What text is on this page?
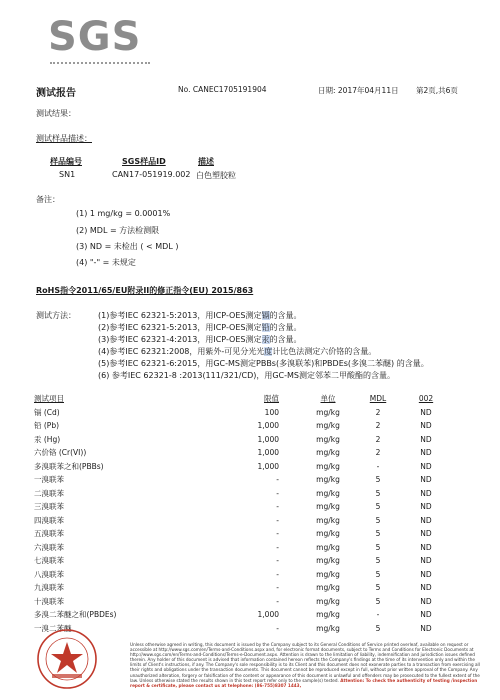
SGS
测试报告	No. CANEC1705191904	日期: 2017年04月11日 第2页,共6页
测试结果：
测试样品描述：
样品编号	SGS样品ID	描述
SN1	CAN17-051919.002 白色塑胶粒
备注：
(1) 1 mg/kg = 0.0001%
(2) MDL = 方法检测限
(3) ND = 未检出 ( < MDL )
(4) "-" = 未规定
RoHS指令2011/65/EU附录II的修正指令(EU) 2015/863
测试方法：	(1)参考IEC 62321-5:2013，用ICP-OES测定镉的含量。
(2)参考IEC 62321-5:2013，用ICP-OES测定铅的含量。
(3)参考IEC 62321-4:2013，用ICP-OES测定汞的含量。
(4)参考IEC 62321:2008，用紫外-可见分光光度计比色法测定六价铬的含量。
(5)参考IEC 62321-6:2015，用GC-MS测定PBBs(多溴联苯)和PBDEs(多溴二苯醚) 的含量。
(6) 参考IEC 62321-8 :2013(111/321/CD)，用GC-MS测定邻苯二甲酸酯的含量。
测试项目	限值	单位	MDL	002
镉 (Cd)	100	mg/kg	2	ND
铅 (Pb)	1,000	mg/kg	2	ND
汞 (Hg)	1,000	mg/kg	2	ND
六价铬 (Cr(VI))	1,000	mg/kg	2	ND
多溴联苯之和(PBBs)	1,000	mg/kg	-	ND
一溴联苯	-	mg/kg	5	ND
二溴联苯	-	mg/kg	5	ND
三溴联苯	-	mg/kg	5	ND
四溴联苯	-	mg/kg	5	ND
五溴联苯	-	mg/kg	5	ND
六溴联苯	-	mg/kg	5	ND
七溴联苯	-	mg/kg	5	ND
八溴联苯	-	mg/kg	5	ND
九溴联苯	-	mg/kg	5	ND
十溴联苯	-	mg/kg	5	ND
多溴二苯醚之和(PBDEs)	1,000	mg/kg	-	ND
一溴二苯醚	-	mg/kg	5	ND
Unless otherwise agreed in writing, this document is issued by the Company subject to its General Conditions of Service printed overleaf, available on request or accessible at http://www.sgs.com/en/Terms-and-Conditions.aspx and, for electronic format documents, subject to Terms and Conditions for Electronic Documents at http://www.sgs.com/en/Terms-and-Conditions/Terms-e-Document.aspx. Attention is drawn to the limitation of liability, indemnification and jurisdiction issues defined therein. Any holder of this document is advised that information contained hereon reflects the Company's findings at the time of its intervention only and within the limits of Client's instructions, if any. The Company's sole responsibility is to its Client and this document does not exonerate parties to a transaction from exercising all their rights and obligations under the transaction documents. This document cannot be reproduced except in full, without prior written approval of the Company. Any unauthorized alteration, forgery or falsification of the content or appearance of this document is unlawful and offenders may be prosecuted to the fullest extent of the law. Unless otherwise stated the results shown in this test report refer only to the sample(s) tested. Attention: To check the authenticity of testing /inspection report & certificate, please contact us at telephone: (86-755)8307 1443,
